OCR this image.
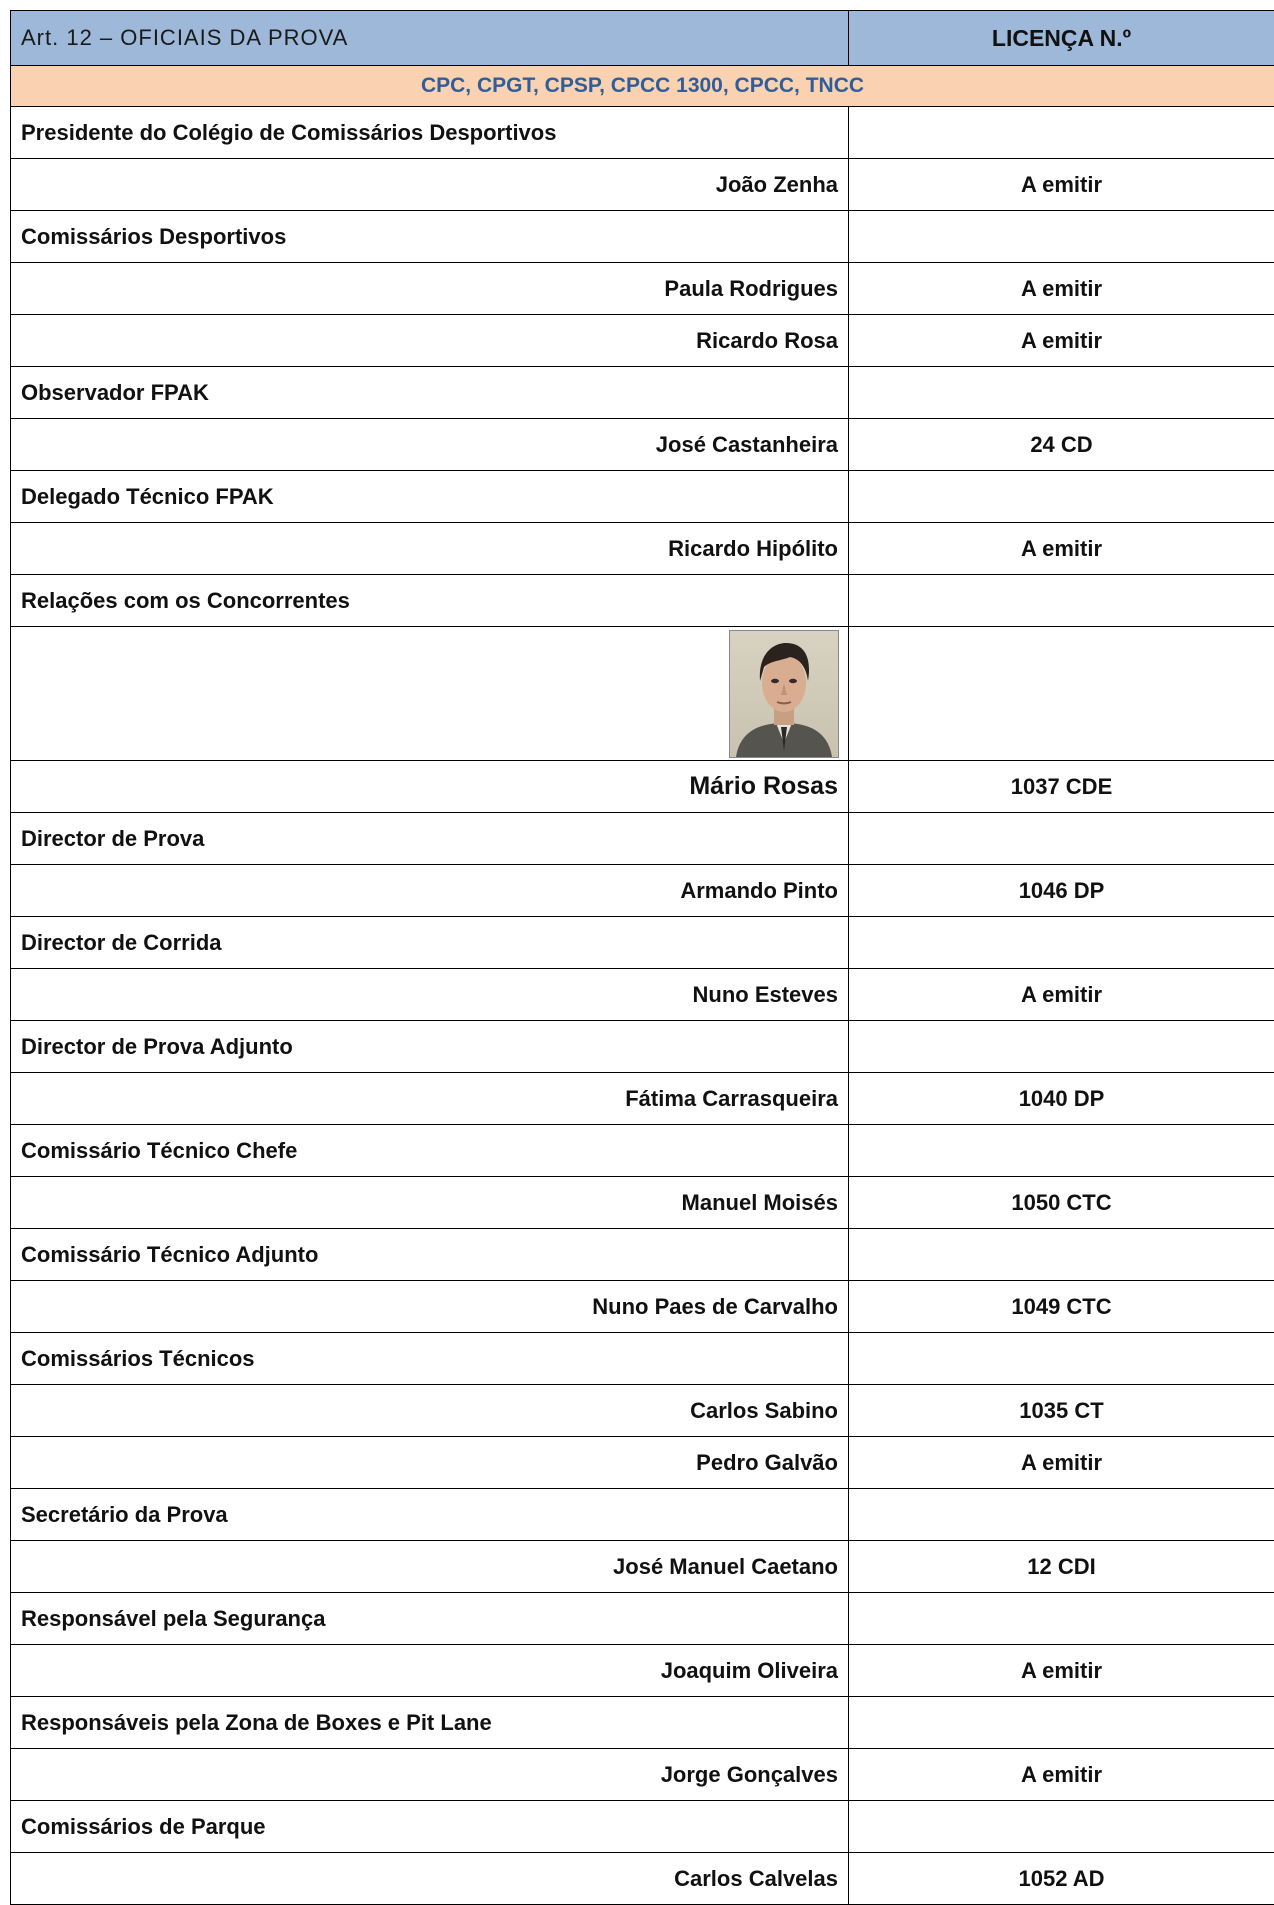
Art. 12 – OFICIAIS DA PROVA	LICENÇA N.º
CPC, CPGT, CPSP, CPCC 1300, CPCC, TNCC	
Presidente do Colégio de Comissários Desportivos	
João Zenha	A emitir
Comissários Desportivos	
Paula Rodrigues	A emitir
Ricardo Rosa	A emitir
Observador FPAK	
José Castanheira	24 CD
Delegado Técnico FPAK	
Ricardo Hipólito	A emitir
Relações com os Concorrentes	

Mário Rosas	1037 CDE
Director de Prova	
Armando Pinto	1046 DP
Director de Corrida	
Nuno Esteves	A emitir
Director de Prova Adjunto	
Fátima Carrasqueira	1040 DP
Comissário Técnico Chefe	
Manuel Moisés	1050 CTC
Comissário Técnico Adjunto	
Nuno Paes de Carvalho	1049 CTC
Comissários Técnicos	
Carlos Sabino	1035 CT
Pedro Galvão	A emitir
Secretário da Prova	
José Manuel Caetano	12 CDI
Responsável pela Segurança	
Joaquim Oliveira	A emitir
Responsáveis pela Zona de Boxes e Pit Lane	
Jorge Gonçalves	A emitir
Comissários de Parque	
Carlos Calvelas	1052 AD
